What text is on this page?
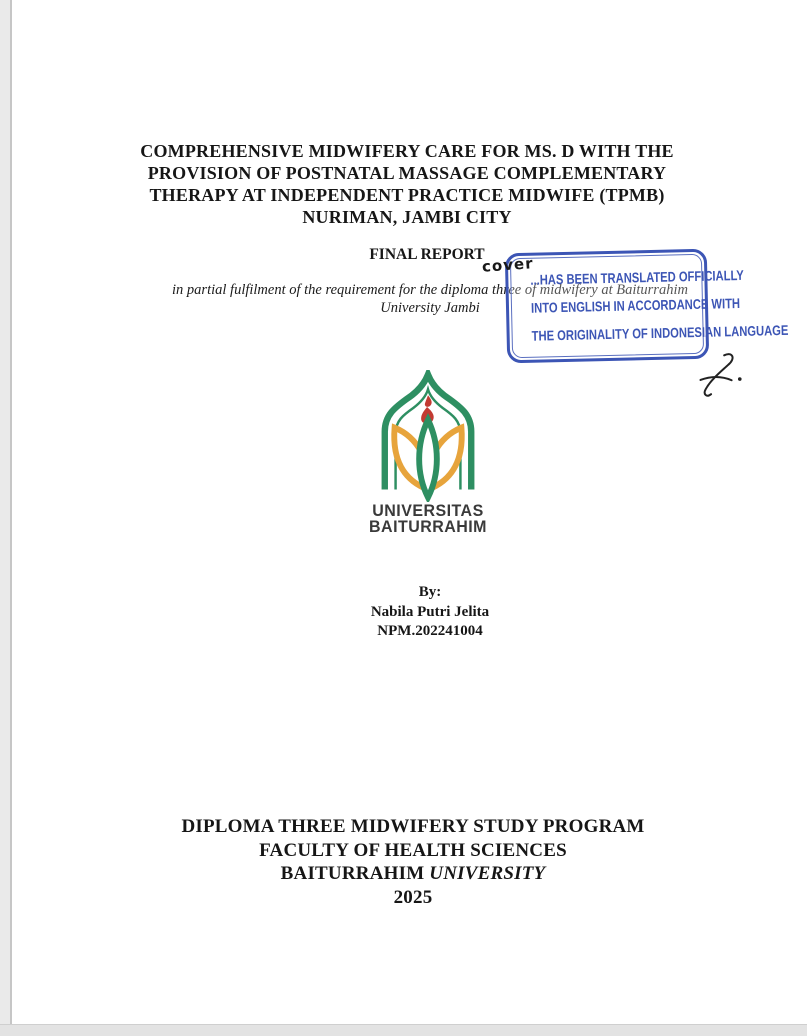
COMPREHENSIVE MIDWIFERY CARE FOR MS. D WITH THE
PROVISION OF POSTNATAL MASSAGE COMPLEMENTARY
THERAPY AT INDEPENDENT PRACTICE MIDWIFE (TPMB)
NURIMAN, JAMBI CITY
FINAL REPORT
in partial fulfilment of the requirement for the diploma three of midwifery at Baiturrahim
University Jambi
...HAS BEEN TRANSLATED OFFICIALLY
INTO ENGLISH IN ACCORDANCE WITH
THE ORIGINALITY OF INDONESIAN LANGUAGE
cover
UNIVERSITAS
BAITURRAHIM
By:
Nabila Putri Jelita
NPM.202241004
DIPLOMA THREE MIDWIFERY STUDY PROGRAM
FACULTY OF HEALTH SCIENCES
BAITURRAHIM UNIVERSITY
2025
